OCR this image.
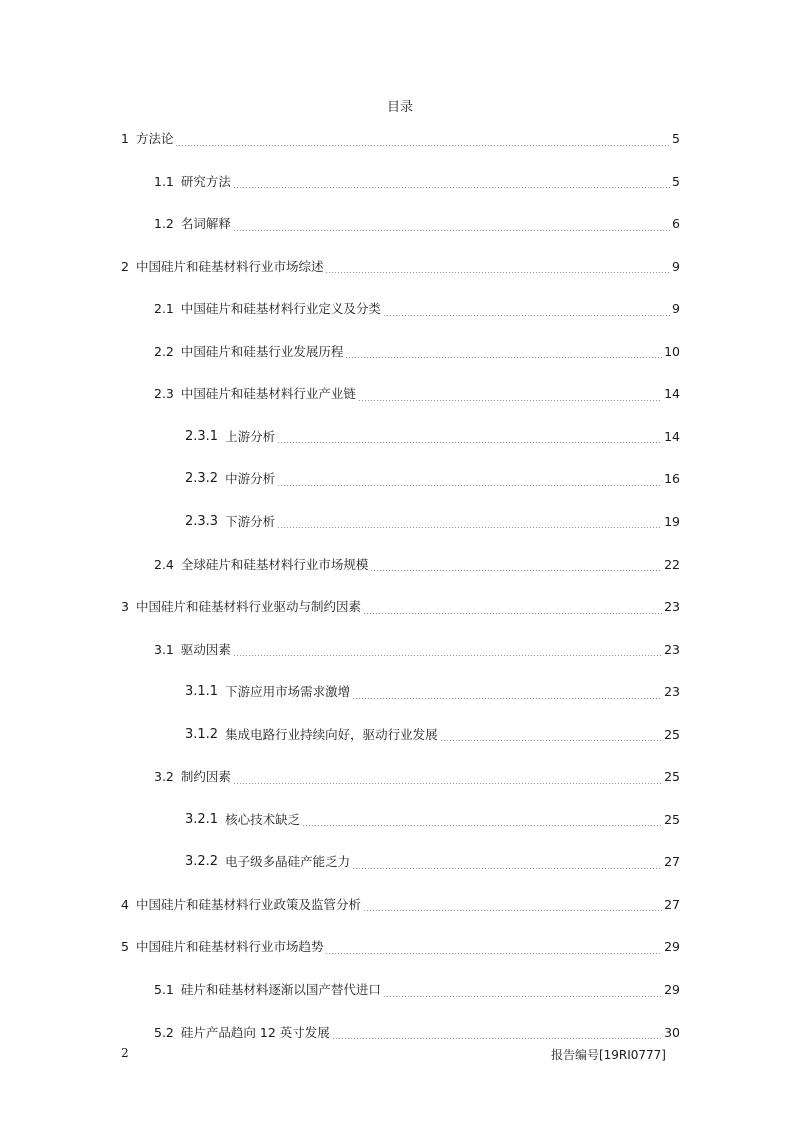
目录
1 方法论	5
1.1 研究方法	5
1.2 名词解释	6
2 中国硅片和硅基材料行业市场综述	9
2.1 中国硅片和硅基材料行业定义及分类	9
2.2 中国硅片和硅基行业发展历程	10
2.3 中国硅片和硅基材料行业产业链	14
2.3.1 上游分析	14
2.3.2 中游分析	16
2.3.3 下游分析	19
2.4 全球硅片和硅基材料行业市场规模	22
3 中国硅片和硅基材料行业驱动与制约因素	23
3.1 驱动因素	23
3.1.1 下游应用市场需求激增	23
3.1.2 集成电路行业持续向好，驱动行业发展	25
3.2 制约因素	25
3.2.1 核心技术缺乏	25
3.2.2 电子级多晶硅产能乏力	27
4 中国硅片和硅基材料行业政策及监管分析	27
5 中国硅片和硅基材料行业市场趋势	29
5.1 硅片和硅基材料逐渐以国产替代进口	29
5.2 硅片产品趋向 12 英寸发展	30
2	报告编号[19RI0777]
